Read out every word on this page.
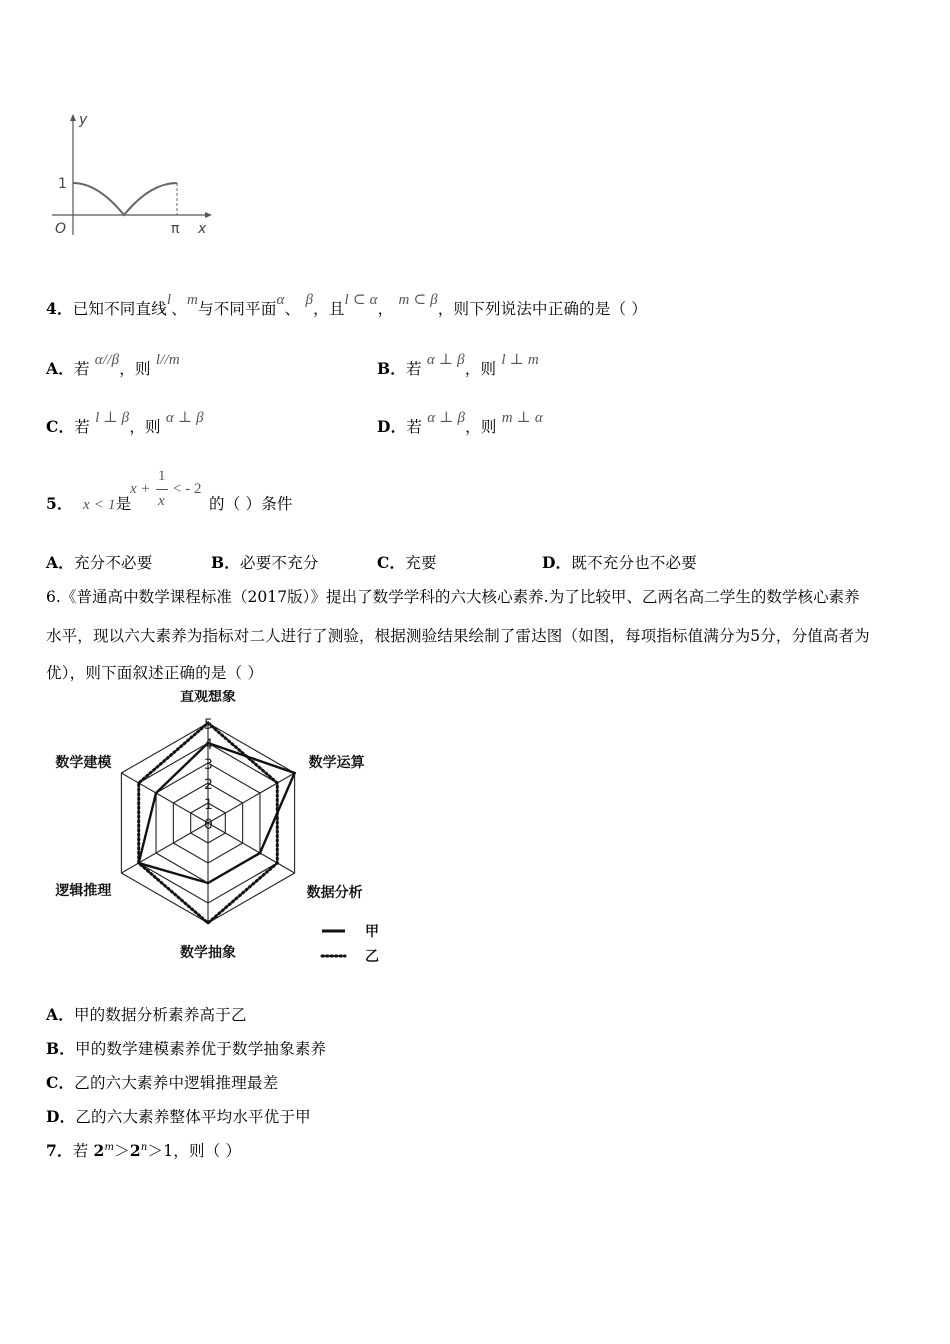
y
1
O	π x
4．已知不同直线l、m与不同平面α、 β，且l ⊂ α， m ⊂ β，则下列说法中正确的是（ ）
A．若 α//β，则 l//m	B．若 α ⊥ β，则 l ⊥ m
C．若 l ⊥ β，则 α ⊥ β	D．若 α ⊥ β，则 m ⊥ α
5． x < 1是
x +
1
x
< - 2
的（ ）条件
A．充分不必要	B．必要不充分	C．充要	D．既不充分也不必要
6.《普通高中数学课程标准（2017版）》提出了数学学科的六大核心素养.为了比较甲、乙两名高二学生的数学核心素养
水平，现以六大素养为指标对二人进行了测验，根据测验结果绘制了雷达图（如图，每项指标值满分为5分，分值高者为
优），则下面叙述正确的是（ ）
0
1
2
3
4
5
直观想象
数学运算
数据分析
数学抽象
逻辑推理
数学建模
甲
乙
A．甲的数据分析素养高于乙
B．甲的数学建模素养优于数学抽象素养
C．乙的六大素养中逻辑推理最差
D．乙的六大素养整体平均水平优于甲
7．若 $2^m>2^n>1$，则（ ）
